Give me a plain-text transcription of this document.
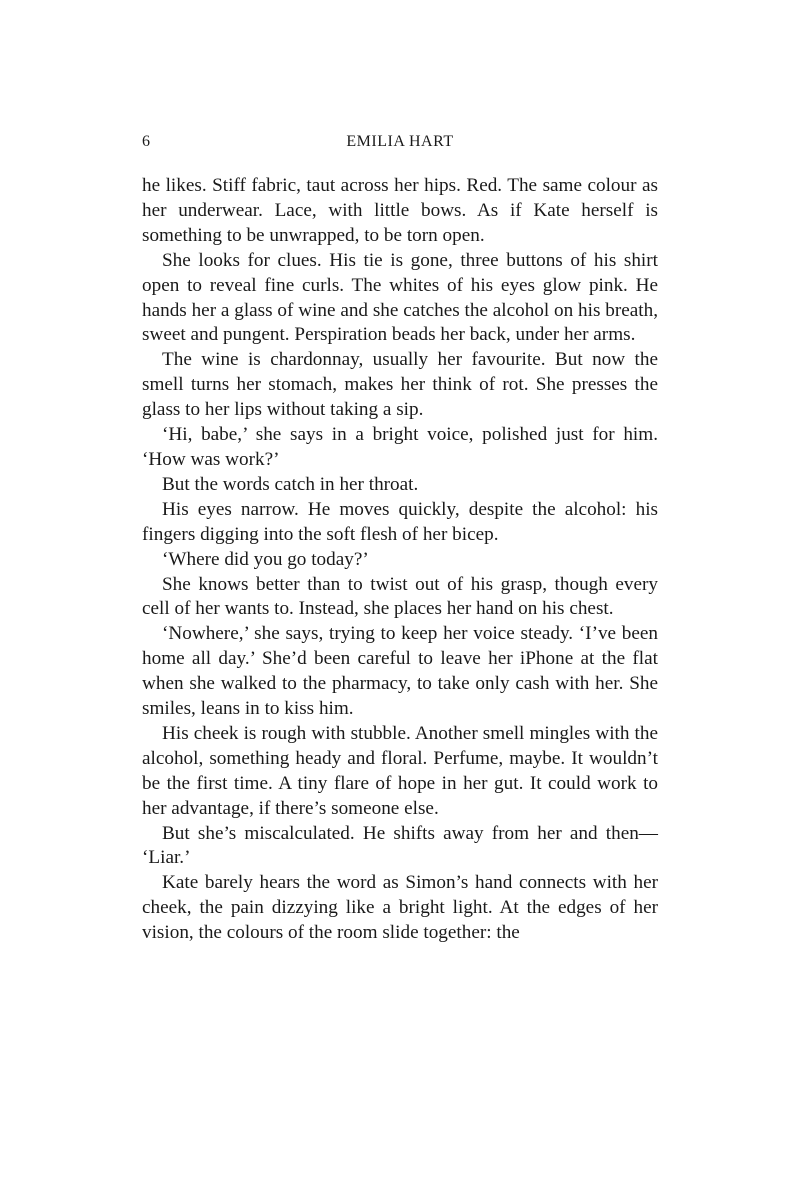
6	EMILIA HART

he likes. Stiff fabric, taut across her hips. Red. The same colour as her underwear. Lace, with little bows. As if Kate herself is something to be unwrapped, to be torn open.

She looks for clues. His tie is gone, three buttons of his shirt open to reveal fine curls. The whites of his eyes glow pink. He hands her a glass of wine and she catches the alcohol on his breath, sweet and pungent. Perspiration beads her back, under her arms.

The wine is chardonnay, usually her favourite. But now the smell turns her stomach, makes her think of rot. She presses the glass to her lips without taking a sip.

‘Hi, babe,’ she says in a bright voice, polished just for him. ‘How was work?’

But the words catch in her throat.

His eyes narrow. He moves quickly, despite the alcohol: his fingers digging into the soft flesh of her bicep.

‘Where did you go today?’

She knows better than to twist out of his grasp, though every cell of her wants to. Instead, she places her hand on his chest.

‘Nowhere,’ she says, trying to keep her voice steady. ‘I’ve been home all day.’ She’d been careful to leave her iPhone at the flat when she walked to the pharmacy, to take only cash with her. She smiles, leans in to kiss him.

His cheek is rough with stubble. Another smell mingles with the alcohol, something heady and floral. Perfume, maybe. It wouldn’t be the first time. A tiny flare of hope in her gut. It could work to her advantage, if there’s someone else.

But she’s miscalculated. He shifts away from her and then— ‘Liar.’

Kate barely hears the word as Simon’s hand connects with her cheek, the pain dizzying like a bright light. At the edges of her vision, the colours of the room slide together: the
